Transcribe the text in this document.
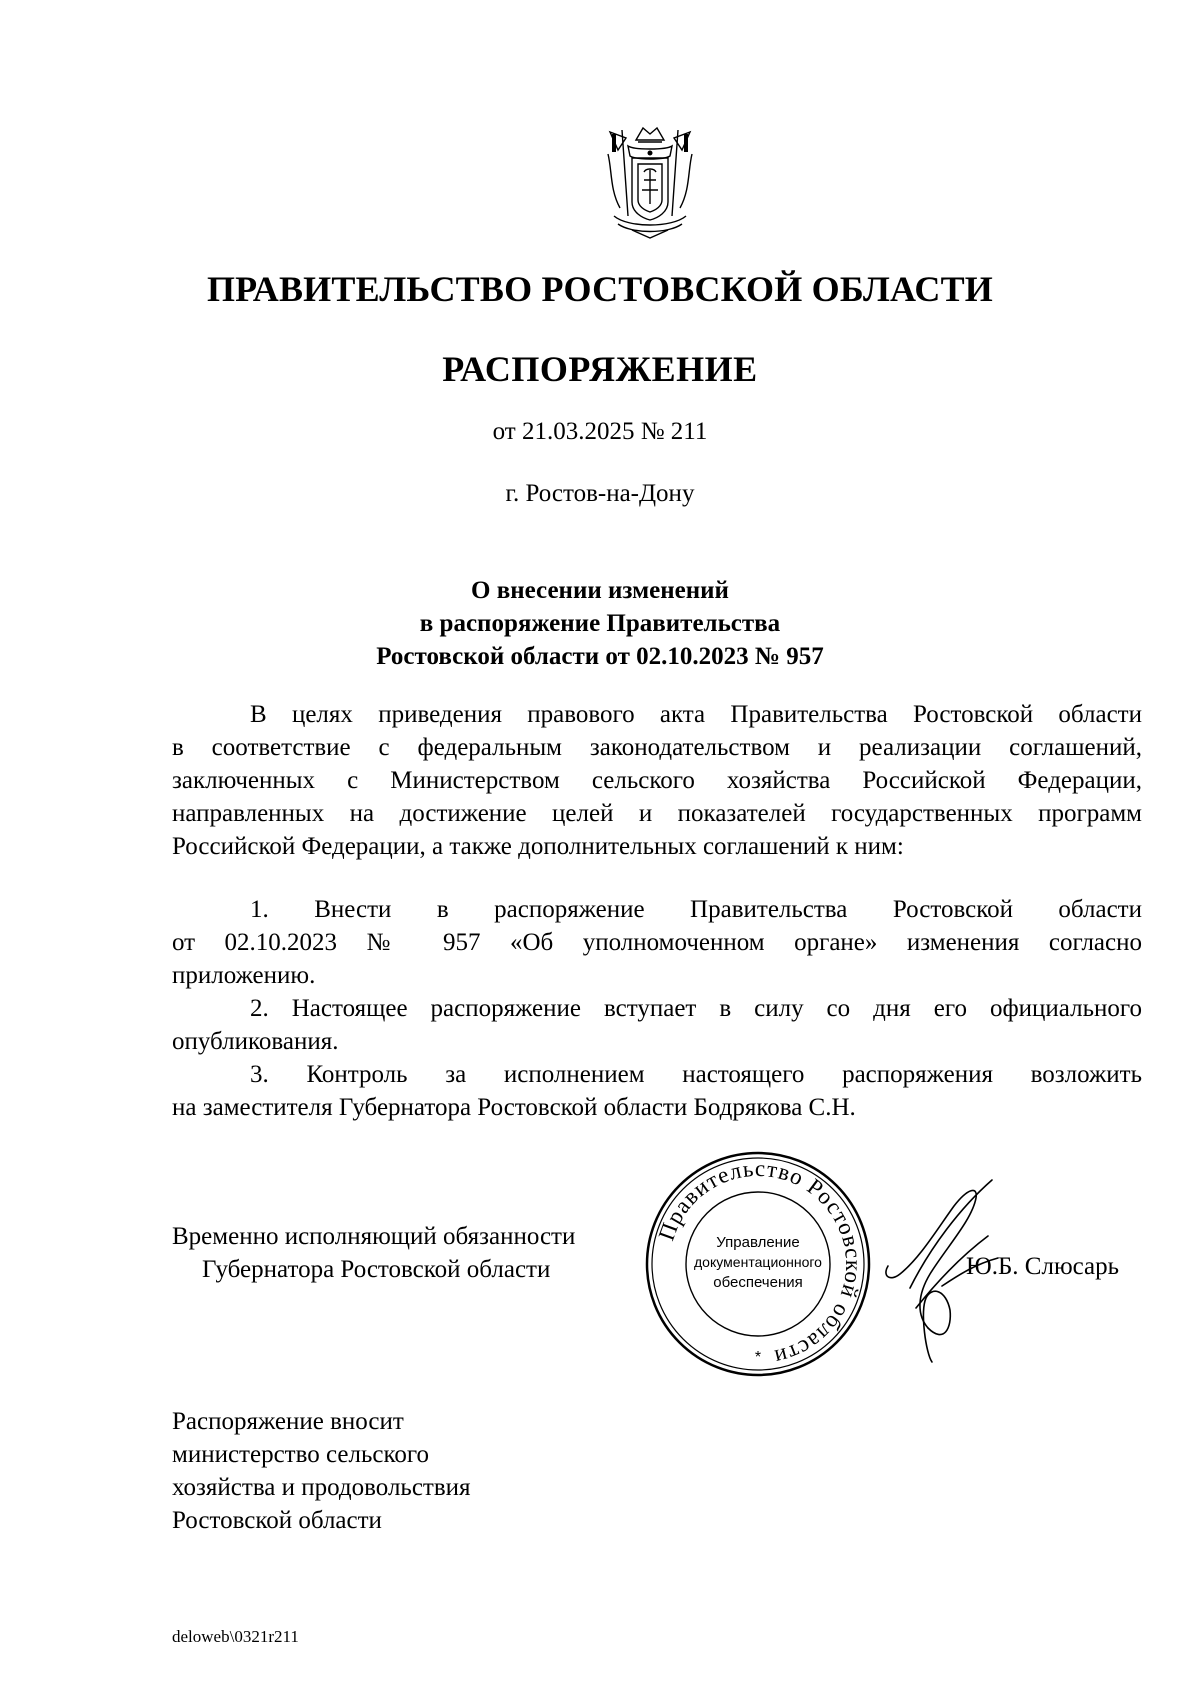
ПРАВИТЕЛЬСТВО РОСТОВСКОЙ ОБЛАСТИ
РАСПОРЯЖЕНИЕ
от 21.03.2025 № 211
г. Ростов-на-Дону
О внесении изменений
в распоряжение Правительства
Ростовской области от 02.10.2023 № 957
В целях приведения правового акта Правительства Ростовской области
в соответствие с федеральным законодательством и реализации соглашений,
заключенных с Министерством сельского хозяйства Российской Федерации,
направленных на достижение целей и показателей государственных программ
Российской Федерации, а также дополнительных соглашений к ним:
1. Внести в распоряжение Правительства Ростовской области
от 02.10.2023 № 957 «Об уполномоченном органе» изменения согласно
приложению.
2. Настоящее распоряжение вступает в силу со дня его официального
опубликования.
3. Контроль за исполнением настоящего распоряжения возложить
на заместителя Губернатора Ростовской области Бодрякова С.Н.
Временно исполняющий обязанности
Губернатора Ростовской области
Правительство Ростовской области
Управление
документационного
обеспечения
*
Ю.Б. Слюсарь
Распоряжение вносит
министерство сельского
хозяйства и продовольствия
Ростовской области
deloweb\0321r211
